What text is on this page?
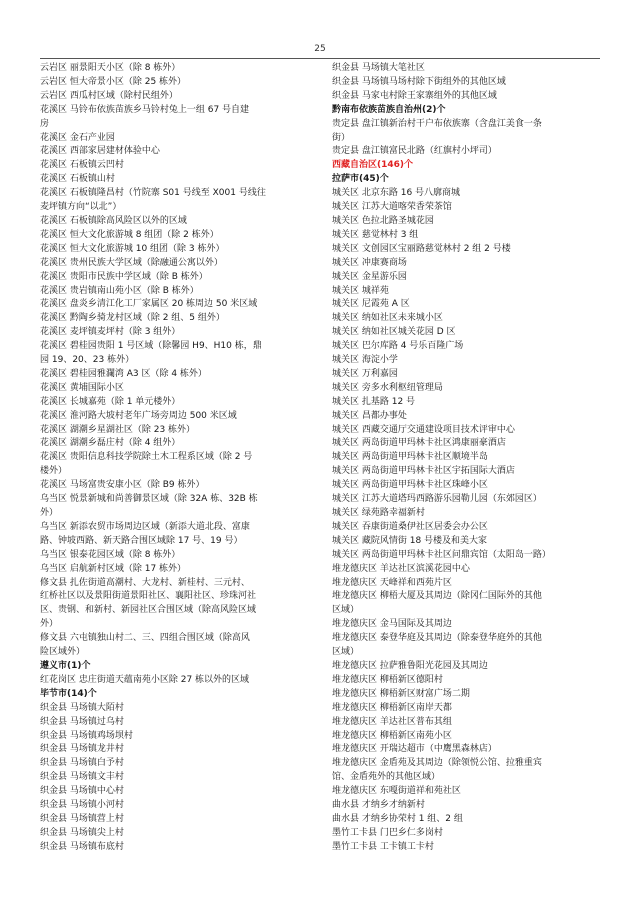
25
云岩区 丽景阳天小区（除 8 栋外）
云岩区 恒大帝景小区（除 25 栋外）
云岩区 西瓜村区域（除村民组外）
花溪区 马铃布依族苗族乡马铃村兔上一组 67 号自建
房
花溪区 金石产业园
花溪区 西部家居建材体验中心
花溪区 石板镇云凹村
花溪区 石板镇山村
花溪区 石板镇隆昌村（竹院寨 S01 号线至 X001 号线往
麦坪镇方向“以北”）
花溪区 石板镇除高风险区以外的区域
花溪区 恒大文化旅游城 8 组团（除 2 栋外）
花溪区 恒大文化旅游城 10 组团（除 3 栋外）
花溪区 贵州民族大学区域（除融通公寓以外）
花溪区 贵阳市民族中学区域（除 B 栋外）
花溪区 贵岩镇南山苑小区（除 B 栋外）
花溪区 盘炎乡清江化工厂家属区 20 栋周边 50 米区域
花溪区 黔陶乡骑龙村区域（除 2 组、5 组外）
花溪区 麦坪镇麦坪村（除 3 组外）
花溪区 碧桂园贵阳 1 号区域（除馨园 H9、H10 栋，鼎
园 19、20、23 栋外）
花溪区 碧桂园雅瀾湾 A3 区（除 4 栋外）
花溪区 黄埔国际小区
花溪区 长城嘉苑（除 1 单元楼外）
花溪区 淮河路大坡村老年广场旁周边 500 米区域
花溪区 湖潮乡星湖社区（除 23 栋外）
花溪区 湖潮乡磊庄村（除 4 组外）
花溪区 贵阳信息科技学院除土木工程系区域（除 2 号
楼外）
花溪区 马场富贵安康小区（除 B9 栋外）
乌当区 悦景新城和尚善御景区域（除 32A 栋、32B 栋
外）
乌当区 新添农贸市场周边区域（新添大道北段、富康
路、钟坡西路、新天路合围区域除 17 号、19 号）
乌当区 银泰花园区域（除 8 栋外）
乌当区 启航新村区域（除 17 栋外）
修文县 扎佐街道高潮村、大龙村、新桂村、三元村、
红桥社区以及景阳街道景阳社区、襄阳社区、珍珠河社
区、贵钢、和新村、新园社区合围区域（除高风险区域
外）
修文县 六屯镇独山村二、三、四组合围区域（除高风
险区域外）
遵义市(1)个
红花岗区 忠庄街道天蕴南苑小区除 27 栋以外的区域
毕节市(14)个
织金县 马场镇大陌村
织金县 马场镇过乌村
织金县 马场镇鸡场坝村
织金县 马场镇龙井村
织金县 马场镇白予村
织金县 马场镇文丰村
织金县 马场镇中心村
织金县 马场镇小河村
织金县 马场镇营上村
织金县 马场镇尖上村
织金县 马场镇布底村
织金县 马场镇大笔社区
织金县 马场镇马场村除下街组外的其他区域
织金县 马家屯村除王家寨组外的其他区域
黔南布依族苗族自治州(2)个
贵定县 盘江镇新治村干户布依族寨（含盘江美食一条
街）
贵定县 盘江镇富民北路（红旗村小坪司）
西藏自治区(146)个
拉萨市(45)个
城关区 北京东路 16 号八廓商城
城关区 江苏大道喀荣香荣茶馆
城关区 色拉北路圣城花园
城关区 慈觉林村 3 组
城关区 文创园区宝丽路慈觉林村 2 组 2 号楼
城关区 冲康赛商场
城关区 金星游乐园
城关区 城祥苑
城关区 尼霞苑 A 区
城关区 纳如社区未来城小区
城关区 纳如社区城关花园 D 区
城关区 巴尔库路 4 号乐百隆广场
城关区 海淀小学
城关区 万利嘉园
城关区 旁多水利枢纽管理局
城关区 扎基路 12 号
城关区 昌都办事处
城关区 西藏交通厅交通建设项目技术评审中心
城关区 两岛街道甲玛林卡社区鸿康丽豪酒店
城关区 两岛街道甲玛林卡社区顺境半岛
城关区 两岛街道甲玛林卡社区宇拓国际大酒店
城关区 两岛街道甲玛林卡社区珠峰小区
城关区 江苏大道塔玛西路游乐园勒儿园（东郊园区）
城关区 绿苑路幸福新村
城关区 吞康街道桑伊社区居委会办公区
城关区 藏院风情街 18 号楼及和美大家
城关区 两岛街道甲玛林卡社区问鼎宾馆（太阳岛一路）
堆龙德庆区 羊达社区滨溪花园中心
堆龙德庆区 天峰祥和西苑片区
堆龙德庆区 柳梧大厦及其周边（除冈仁国际外的其他
区域）
堆龙德庆区 金马国际及其周边
堆龙德庆区 泰登华庭及其周边（除泰登华庭外的其他
区域）
堆龙德庆区 拉萨雅鲁阳光花园及其周边
堆龙德庆区 柳梧新区德阳村
堆龙德庆区 柳梧新区财富广场二期
堆龙德庆区 柳梧新区南岸天都
堆龙德庆区 羊达社区普布其组
堆龙德庆区 柳梧新区南苑小区
堆龙德庆区 开瑞达超市（中鹰黑森林店）
堆龙德庆区 金盾苑及其周边（除领悦公馆、拉雅重宾
馆、金盾苑外的其他区域）
堆龙德庆区 东嘎街道祥和苑社区
曲水县 才纳乡才纳新村
曲水县 才纳乡协荣村 1 组、2 组
墨竹工卡县 门巴乡仁多岗村
墨竹工卡县 工卡镇工卡村
